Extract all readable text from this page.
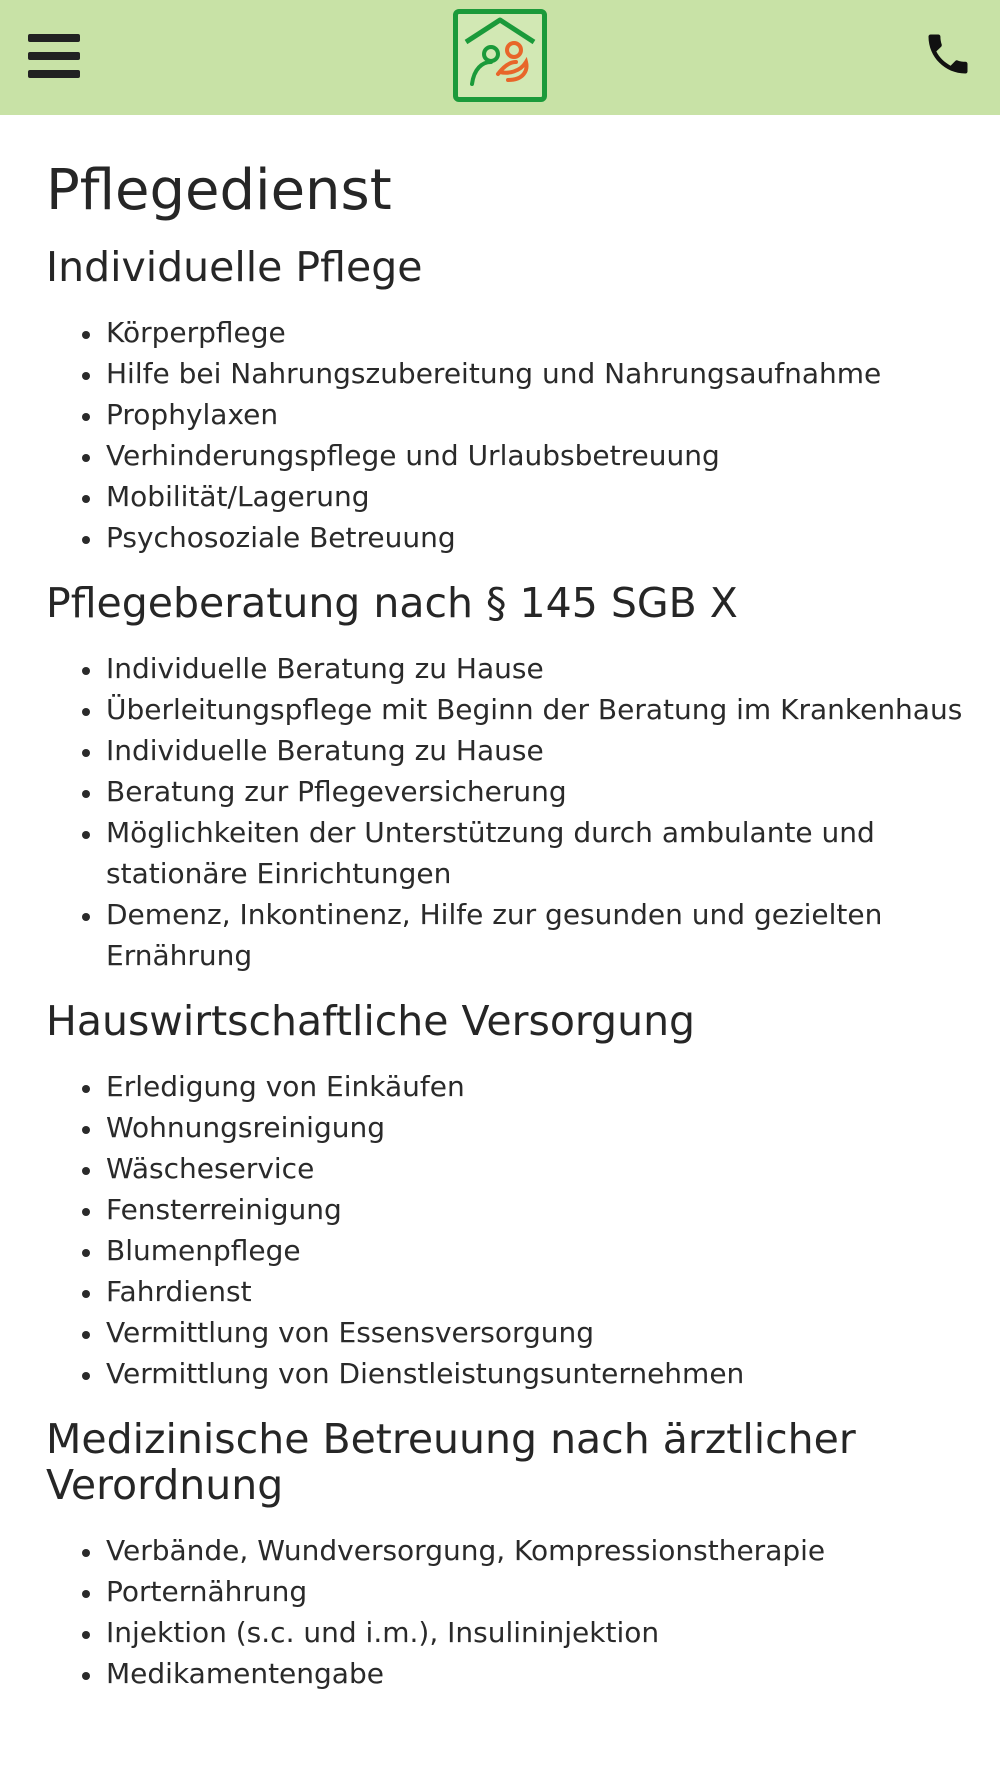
Pflegedienst
Individuelle Pflege
• Körperpflege
• Hilfe bei Nahrungszubereitung und Nahrungsaufnahme
• Prophylaxen
• Verhinderungspflege und Urlaubsbetreuung
• Mobilität/Lagerung
• Psychosoziale Betreuung
Pflegeberatung nach § 145 SGB X
• Individuelle Beratung zu Hause
• Überleitungspflege mit Beginn der Beratung im Krankenhaus
• Individuelle Beratung zu Hause
• Beratung zur Pflegeversicherung
• Möglichkeiten der Unterstützung durch ambulante und stationäre Einrichtungen
• Demenz, Inkontinenz, Hilfe zur gesunden und gezielten Ernährung
Hauswirtschaftliche Versorgung
• Erledigung von Einkäufen
• Wohnungsreinigung
• Wäscheservice
• Fensterreinigung
• Blumenpflege
• Fahrdienst
• Vermittlung von Essensversorgung
• Vermittlung von Dienstleistungsunternehmen
Medizinische Betreuung nach ärztlicher Verordnung
• Verbände, Wundversorgung, Kompressionstherapie
• Porternährung
• Injektion (s.c. und i.m.), Insulininjektion
• Medikamentengabe
